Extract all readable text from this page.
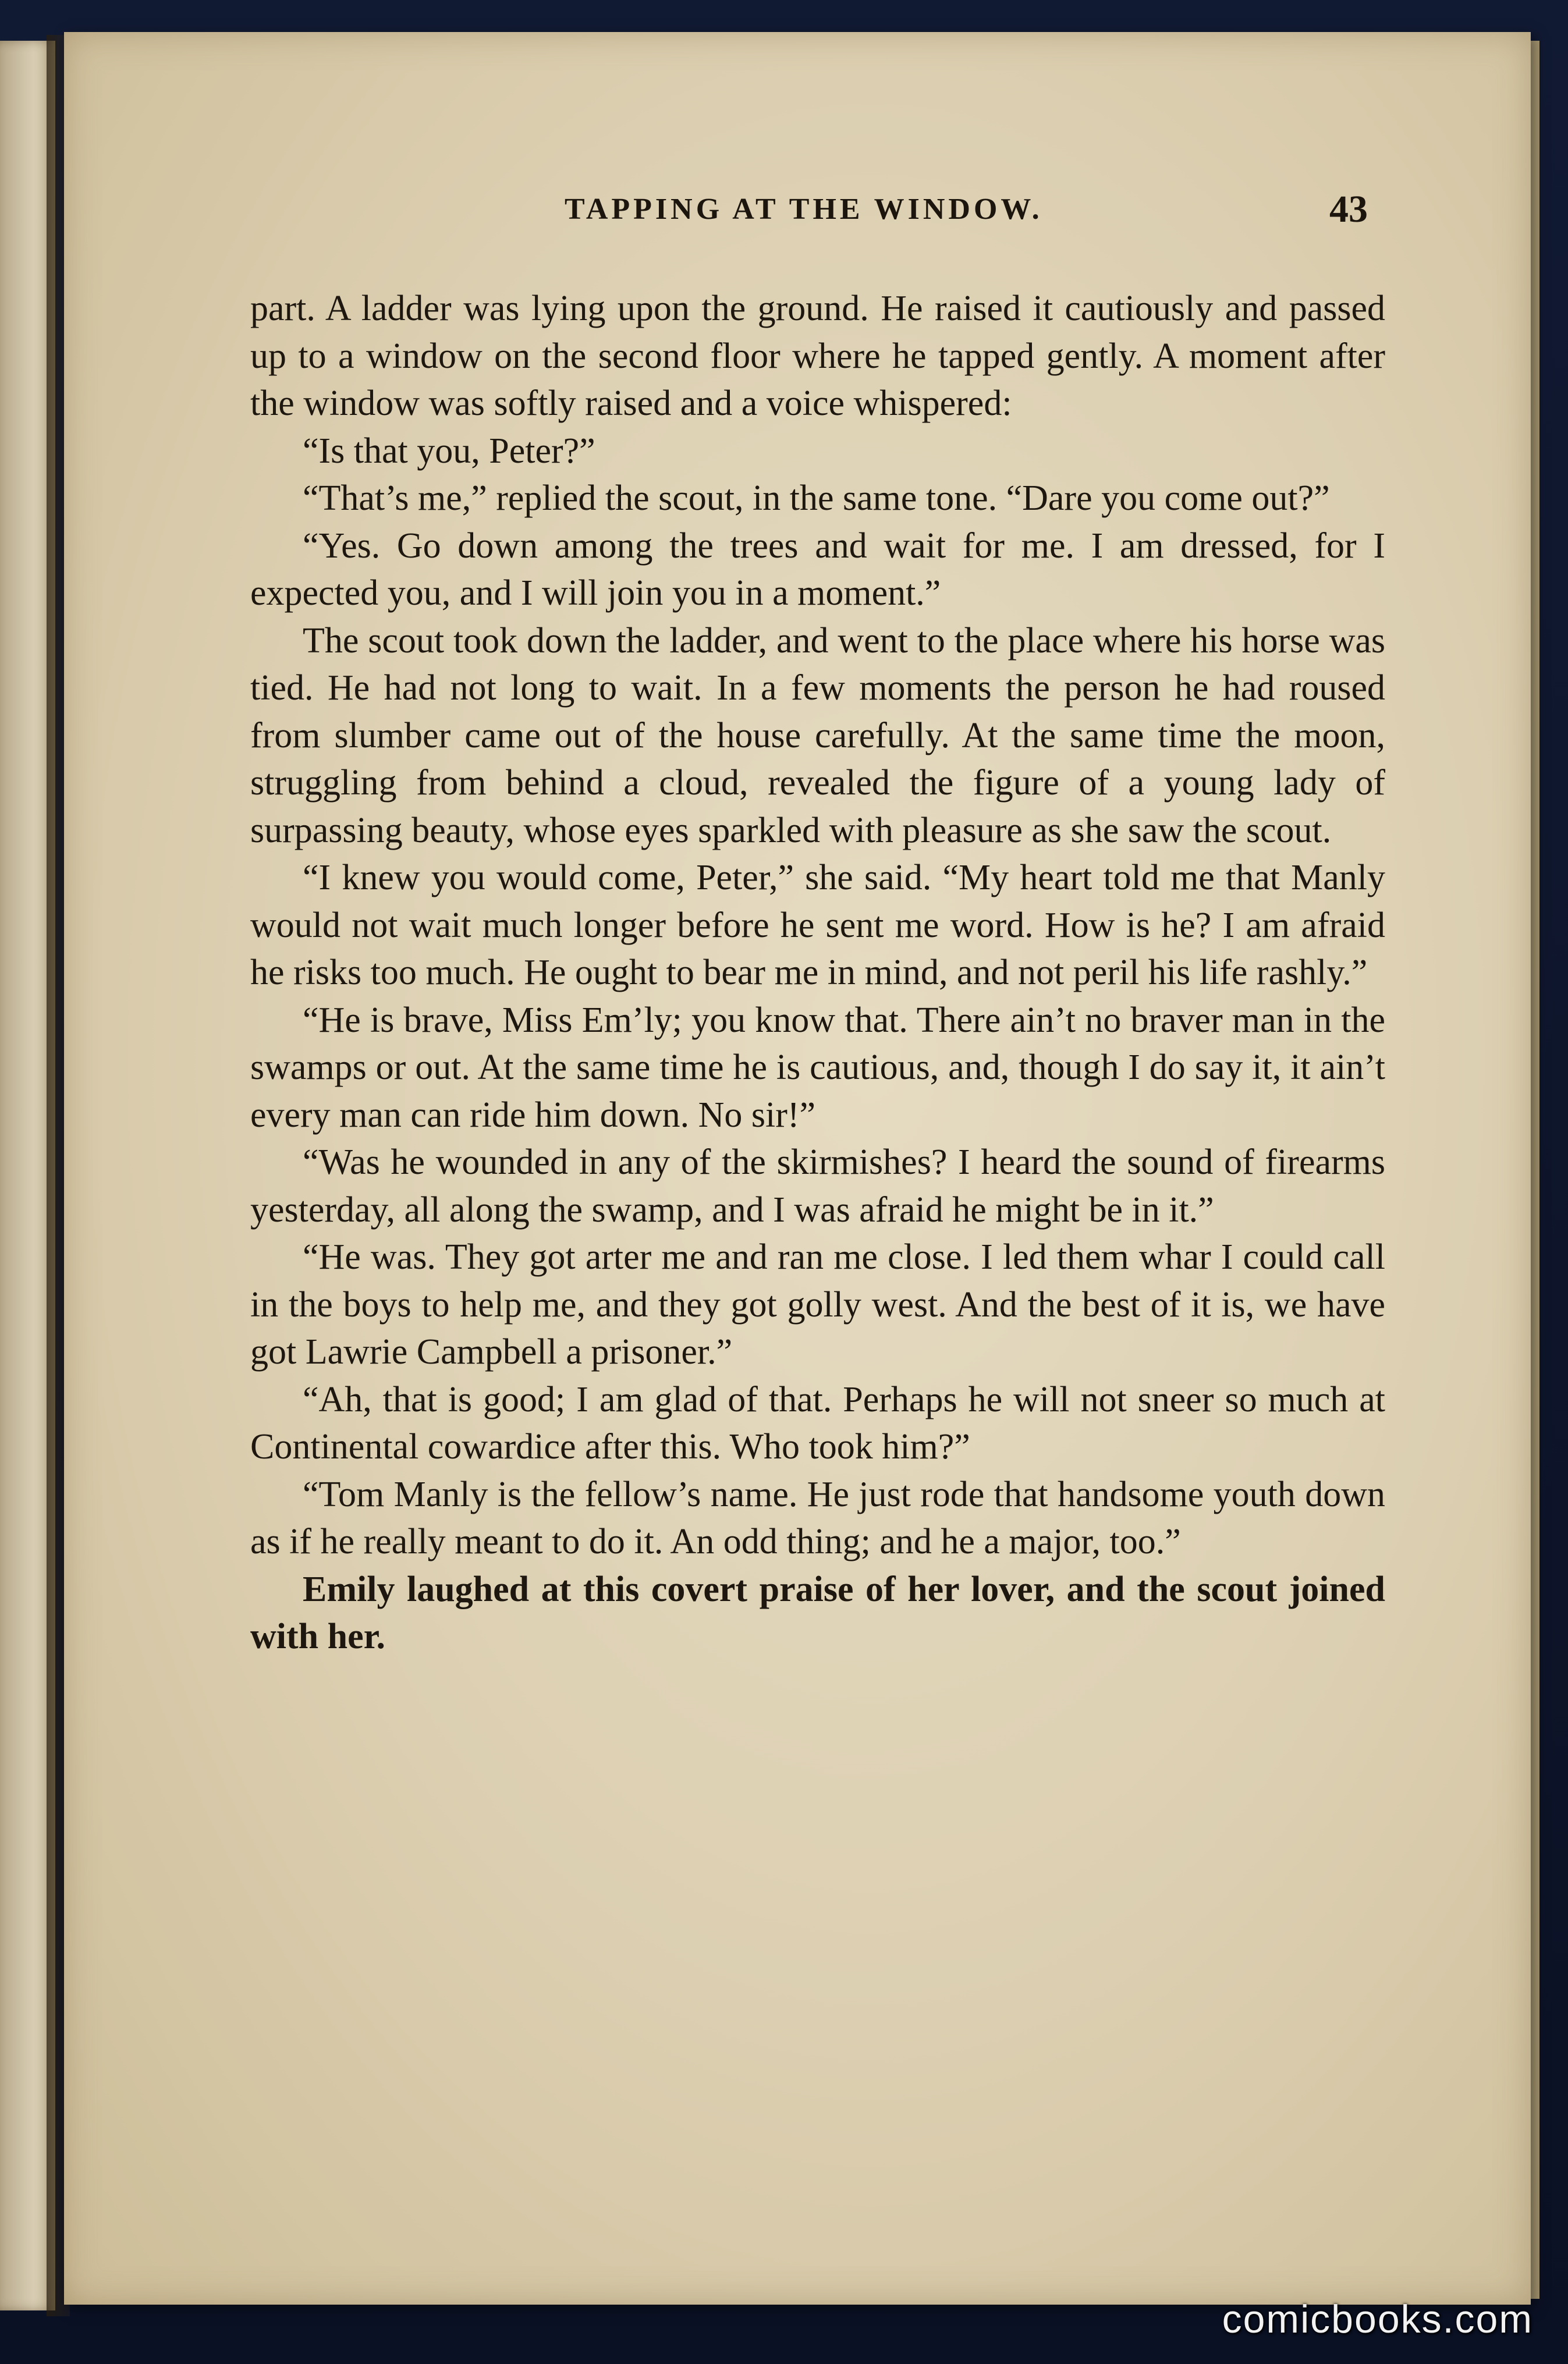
TAPPING AT THE WINDOW.	43

part. A ladder was lying upon the ground. He raised it cautiously and passed up to a window on the second floor where he tapped gently. A moment after the window was softly raised and a voice whispered:

“Is that you, Peter?”

“That’s me,” replied the scout, in the same tone. “Dare you come out?”

“Yes. Go down among the trees and wait for me. I am dressed, for I expected you, and I will join you in a moment.”

The scout took down the ladder, and went to the place where his horse was tied. He had not long to wait. In a few moments the person he had roused from slumber came out of the house carefully. At the same time the moon, struggling from behind a cloud, revealed the figure of a young lady of surpassing beauty, whose eyes sparkled with pleasure as she saw the scout.

“I knew you would come, Peter,” she said. “My heart told me that Manly would not wait much longer before he sent me word. How is he? I am afraid he risks too much. He ought to bear me in mind, and not peril his life rashly.”

“He is brave, Miss Em’ly; you know that. There ain’t no braver man in the swamps or out. At the same time he is cautious, and, though I do say it, it ain’t every man can ride him down. No sir!”

“Was he wounded in any of the skirmishes? I heard the sound of firearms yesterday, all along the swamp, and I was afraid he might be in it.”

“He was. They got arter me and ran me close. I led them whar I could call in the boys to help me, and they got golly west. And the best of it is, we have got Lawrie Campbell a prisoner.”

“Ah, that is good; I am glad of that. Perhaps he will not sneer so much at Continental cowardice after this. Who took him?”

“Tom Manly is the fellow’s name. He just rode that handsome youth down as if he really meant to do it. An odd thing; and he a major, too.”

Emily laughed at this covert praise of her lover, and the scout joined with her.

comicbooks.com
